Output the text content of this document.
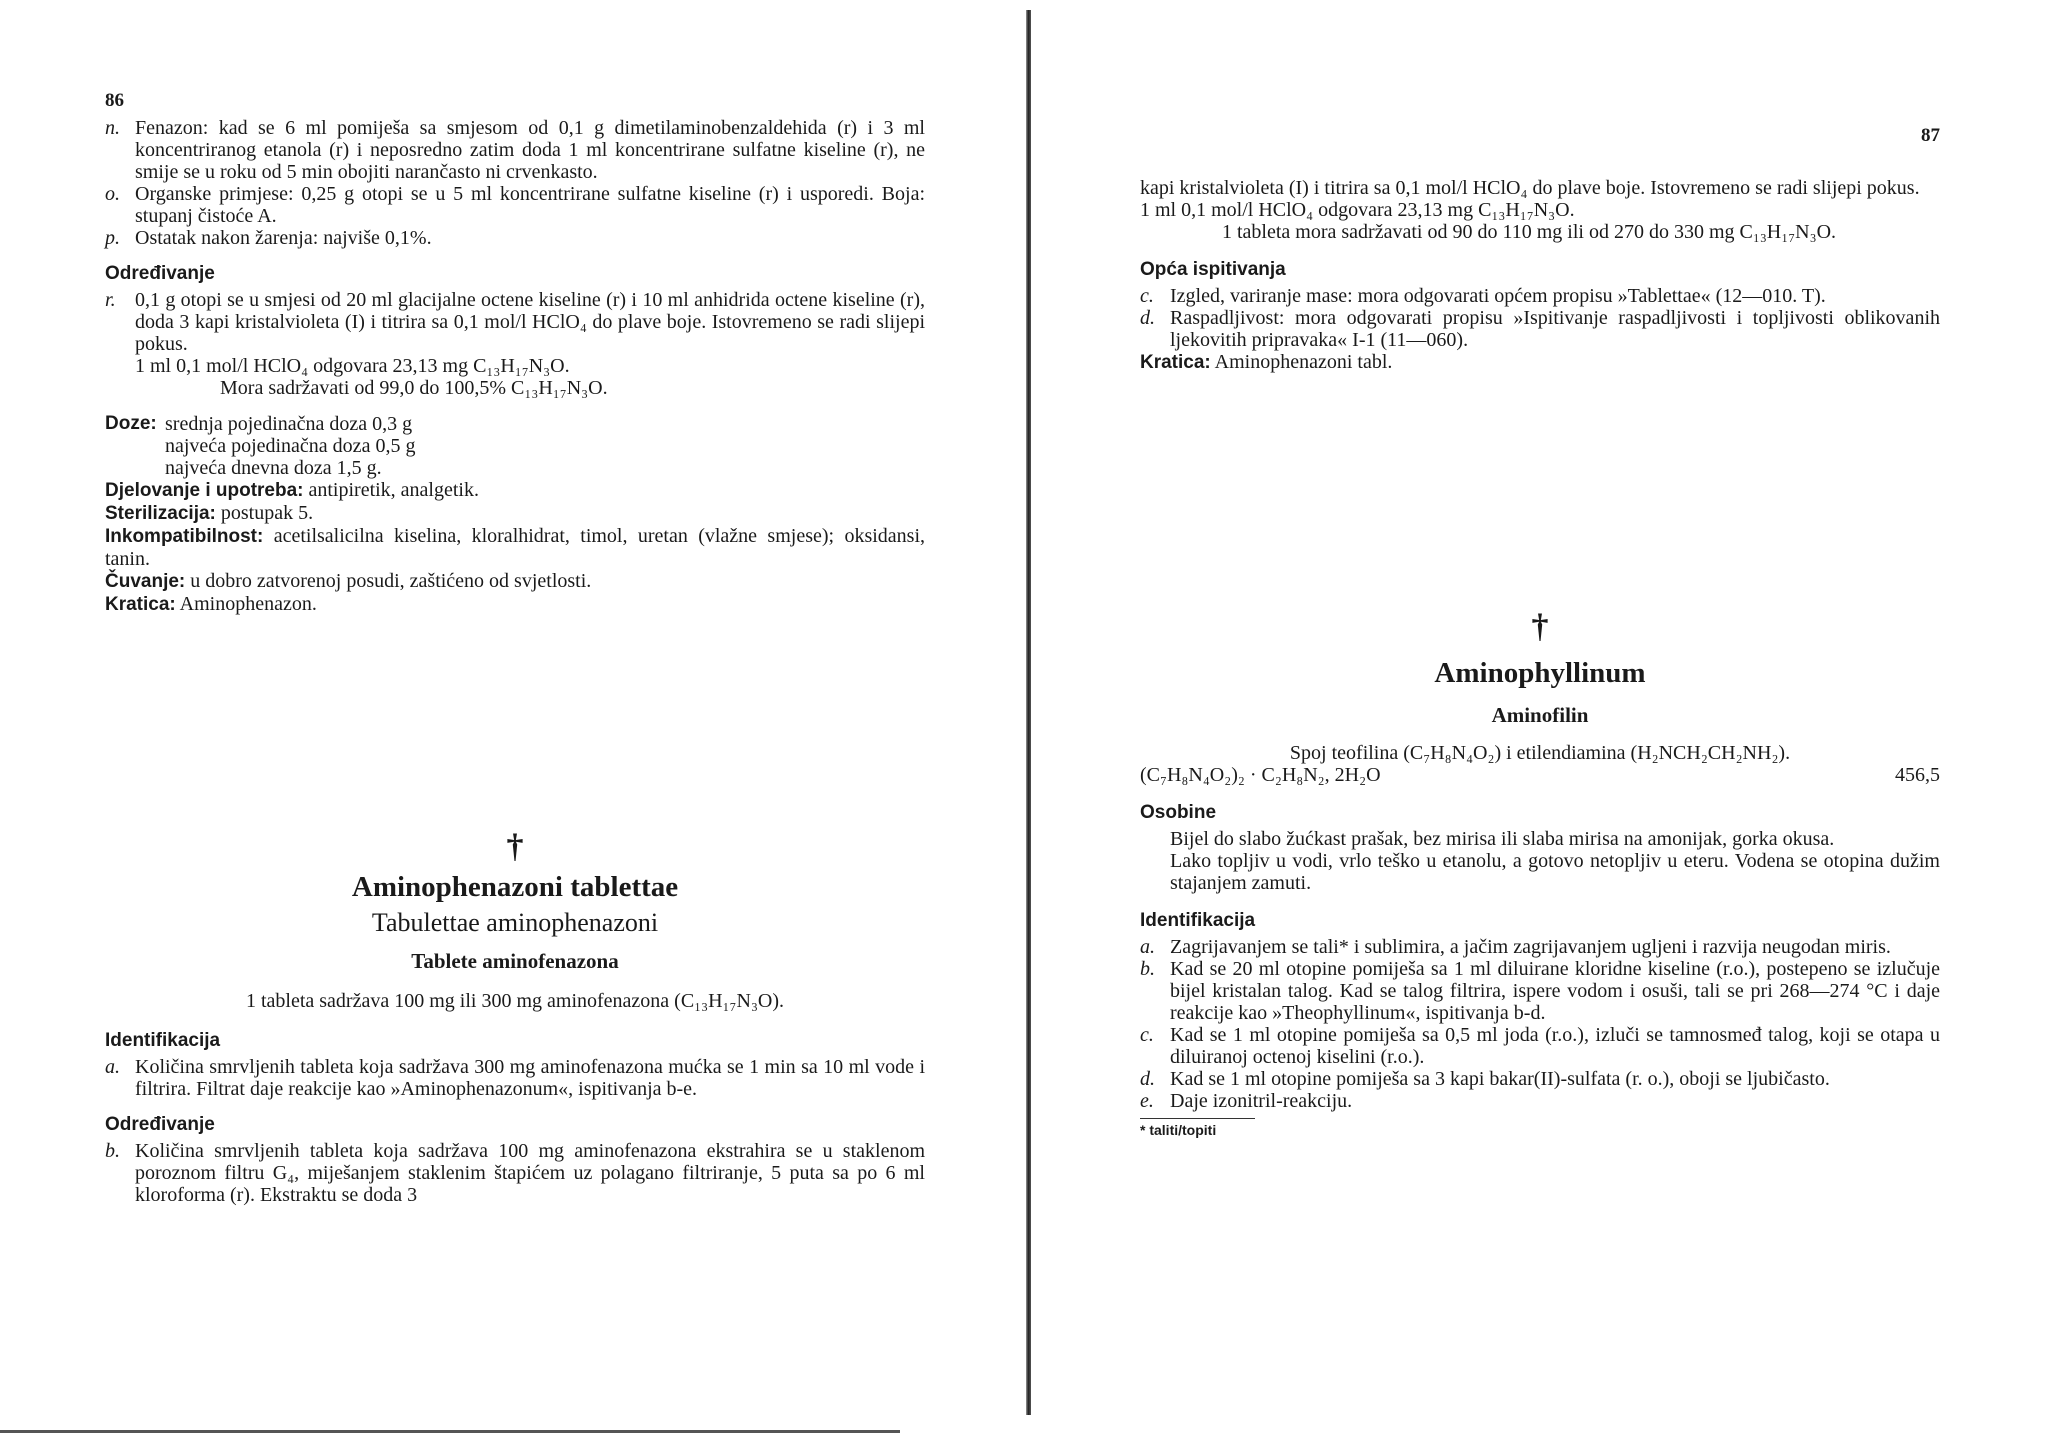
86
n. Fenazon: kad se 6 ml pomiješa sa smjesom od 0,1 g dimetilaminobenzaldehida (r) i 3 ml koncentriranog etanola (r) i neposredno zatim doda 1 ml koncentrirane sulfatne kiseline (r), ne smije se u roku od 5 min obojiti narančasto ni crvenkasto.
o. Organske primjese: 0,25 g otopi se u 5 ml koncentrirane sulfatne kiseline (r) i usporedi. Boja: stupanj čistoće A.
p. Ostatak nakon žarenja: najviše 0,1%.
Određivanje
r. 0,1 g otopi se u smjesi od 20 ml glacijalne octene kiseline (r) i 10 ml anhidrida octene kiseline (r), doda 3 kapi kristalvioleta (I) i titrira sa 0,1 mol/l HClO₄ do plave boje. Istovremeno se radi slijepi pokus.
1 ml 0,1 mol/l HClO₄ odgovara 23,13 mg C₁₃H₁₇N₃O.
Mora sadržavati od 99,0 do 100,5% C₁₃H₁₇N₃O.
Doze: srednja pojedinačna doza 0,3 g
najveća pojedinačna doza 0,5 g
najveća dnevna doza 1,5 g.
Djelovanje i upotreba: antipiretik, analgetik.
Sterilizacija: postupak 5.
Inkompatibilnost: acetilsalicilna kiselina, kloralhidrat, timol, uretan (vlažne smjese); oksidansi, tanin.
Čuvanje: u dobro zatvorenoj posudi, zaštićeno od svjetlosti.
Kratica: Aminophenazon.
†
Aminophenazoni tablettae
Tabulettae aminophenazoni
Tablete aminofenazona
1 tableta sadržava 100 mg ili 300 mg aminofenazona (C₁₃H₁₇N₃O).
Identifikacija
a. Količina smrvljenih tableta koja sadržava 300 mg aminofenazona mućka se 1 min sa 10 ml vode i filtrira. Filtrat daje reakcije kao »Aminophenazonum«, ispitivanja b-e.
Određivanje
b. Količina smrvljenih tableta koja sadržava 100 mg aminofenazona ekstrahira se u staklenom poroznom filtru G₄, miješanjem staklenim štapićem uz polagano filtriranje, 5 puta sa po 6 ml kloroforma (r). Ekstraktu se doda 3
87
kapi kristalvioleta (I) i titrira sa 0,1 mol/l HClO₄ do plave boje. Istovremeno se radi slijepi pokus.
1 ml 0,1 mol/l HClO₄ odgovara 23,13 mg C₁₃H₁₇N₃O.
1 tableta mora sadržavati od 90 do 110 mg ili od 270 do 330 mg C₁₃H₁₇N₃O.
Opća ispitivanja
c. Izgled, variranje mase: mora odgovarati općem propisu »Tablettae« (12—010. T).
d. Raspadljivost: mora odgovarati propisu »Ispitivanje raspadljivosti i topljivosti oblikovanih ljekovitih pripravaka« I-1 (11—060).
Kratica: Aminophenazoni tabl.
†
Aminophyllinum
Aminofilin
Spoj teofilina (C₇H₈N₄O₂) i etilendiamina (H₂NCH₂CH₂NH₂).
(C₇H₈N₄O₂)₂ · C₂H₈N₂, 2H₂O	456,5
Osobine
Bijel do slabo žućkast prašak, bez mirisa ili slaba mirisa na amonijak, gorka okusa.
Lako topljiv u vodi, vrlo teško u etanolu, a gotovo netopljiv u eteru. Vodena se otopina dužim stajanjem zamuti.
Identifikacija
a. Zagrijavanjem se tali* i sublimira, a jačim zagrijavanjem ugljeni i razvija neugodan miris.
b. Kad se 20 ml otopine pomiješa sa 1 ml diluirane kloridne kiseline (r.o.), postepeno se izlučuje bijel kristalan talog. Kad se talog filtrira, ispere vodom i osuši, tali se pri 268—274 °C i daje reakcije kao »Theophyllinum«, ispitivanja b-d.
c. Kad se 1 ml otopine pomiješa sa 0,5 ml joda (r.o.), izluči se tamnosmeđ talog, koji se otapa u diluiranoj octenoj kiselini (r.o.).
d. Kad se 1 ml otopine pomiješa sa 3 kapi bakar(II)-sulfata (r. o.), oboji se ljubičasto.
e. Daje izonitril-reakciju.
* taliti/topiti
